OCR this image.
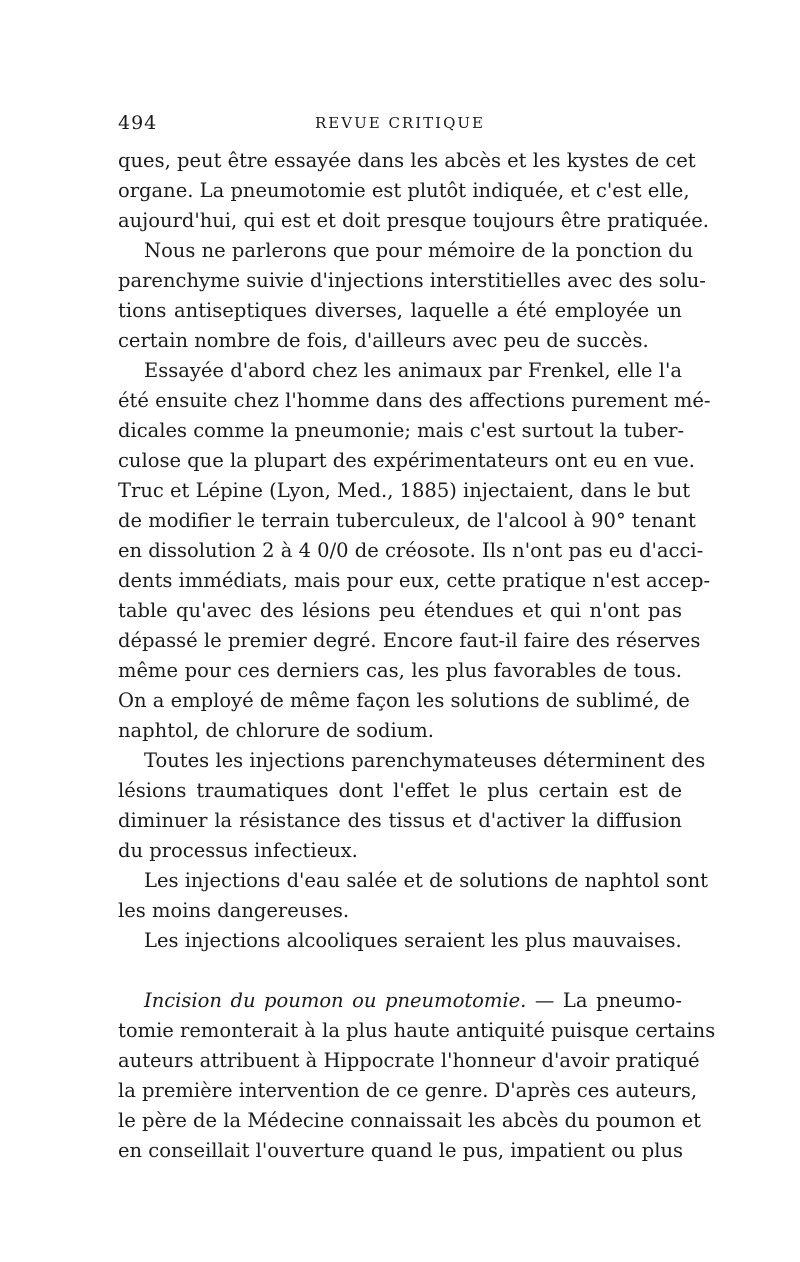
494	REVUE CRITIQUE
ques, peut être essayée dans les abcès et les kystes de cet
organe. La pneumotomie est plutôt indiquée, et c'est elle,
aujourd'hui, qui est et doit presque toujours être pratiquée.
Nous ne parlerons que pour mémoire de la ponction du
parenchyme suivie d'injections interstitielles avec des solu-
tions antiseptiques diverses, laquelle a été employée un
certain nombre de fois, d'ailleurs avec peu de succès.
Essayée d'abord chez les animaux par Frenkel, elle l'a
été ensuite chez l'homme dans des affections purement mé-
dicales comme la pneumonie; mais c'est surtout la tuber-
culose que la plupart des expérimentateurs ont eu en vue.
Truc et Lépine (Lyon, Med., 1885) injectaient, dans le but
de modifier le terrain tuberculeux, de l'alcool à 90° tenant
en dissolution 2 à 4 0/0 de créosote. Ils n'ont pas eu d'acci-
dents immédiats, mais pour eux, cette pratique n'est accep-
table qu'avec des lésions peu étendues et qui n'ont pas
dépassé le premier degré. Encore faut-il faire des réserves
même pour ces derniers cas, les plus favorables de tous.
On a employé de même façon les solutions de sublimé, de
naphtol, de chlorure de sodium.
Toutes les injections parenchymateuses déterminent des
lésions traumatiques dont l'effet le plus certain est de
diminuer la résistance des tissus et d'activer la diffusion
du processus infectieux.
Les injections d'eau salée et de solutions de naphtol sont
les moins dangereuses.
Les injections alcooliques seraient les plus mauvaises.
Incision du poumon ou pneumotomie. — La pneumo-
tomie remonterait à la plus haute antiquité puisque certains
auteurs attribuent à Hippocrate l'honneur d'avoir pratiqué
la première intervention de ce genre. D'après ces auteurs,
le père de la Médecine connaissait les abcès du poumon et
en conseillait l'ouverture quand le pus, impatient ou plus
